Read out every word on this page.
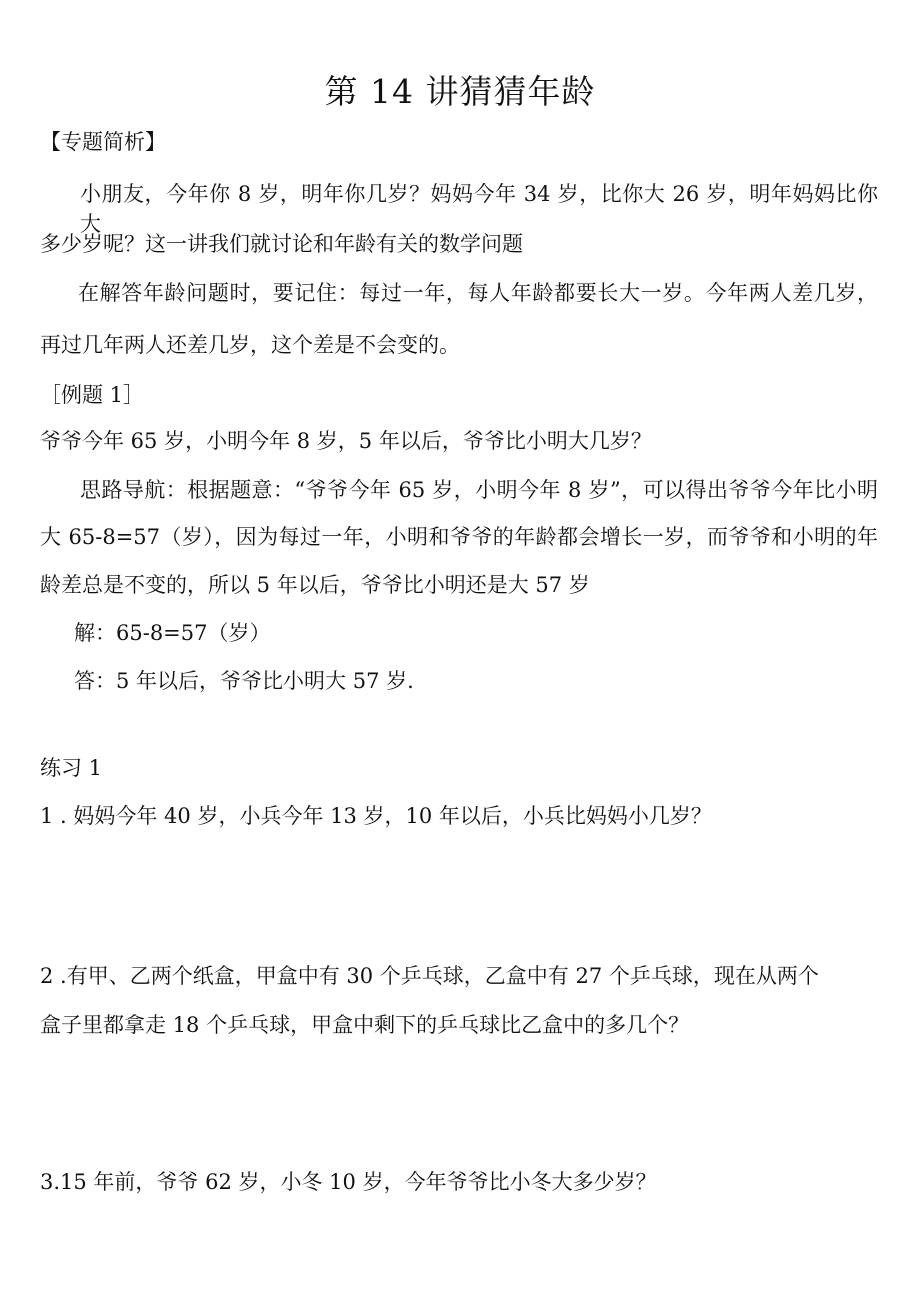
第 14 讲猜猜年龄
【专题简析】
小朋友，今年你 8 岁，明年你几岁？妈妈今年 34 岁，比你大 26 岁，明年妈妈比你大
多少岁呢？这一讲我们就讨论和年龄有关的数学问题
在解答年龄问题时，要记住：每过一年，每人年龄都要长大一岁。今年两人差几岁，
再过几年两人还差几岁，这个差是不会变的。
［例题 1］
爷爷今年 65 岁，小明今年 8 岁，5 年以后，爷爷比小明大几岁？
思路导航：根据题意：“爷爷今年 65 岁，小明今年 8 岁”，可以得出爷爷今年比小明
大 65-8=57（岁），因为每过一年，小明和爷爷的年龄都会增长一岁，而爷爷和小明的年
龄差总是不变的，所以 5 年以后，爷爷比小明还是大 57 岁
解：65-8=57（岁）
答：5 年以后，爷爷比小明大 57 岁.
练习 1
1 . 妈妈今年 40 岁，小兵今年 13 岁，10 年以后，小兵比妈妈小几岁？
2 .有甲、乙两个纸盒，甲盒中有 30 个乒乓球，乙盒中有 27 个乒乓球，现在从两个
盒子里都拿走 18 个乒乓球，甲盒中剩下的乒乓球比乙盒中的多几个？
3.15 年前，爷爷 62 岁，小冬 10 岁，今年爷爷比小冬大多少岁？
